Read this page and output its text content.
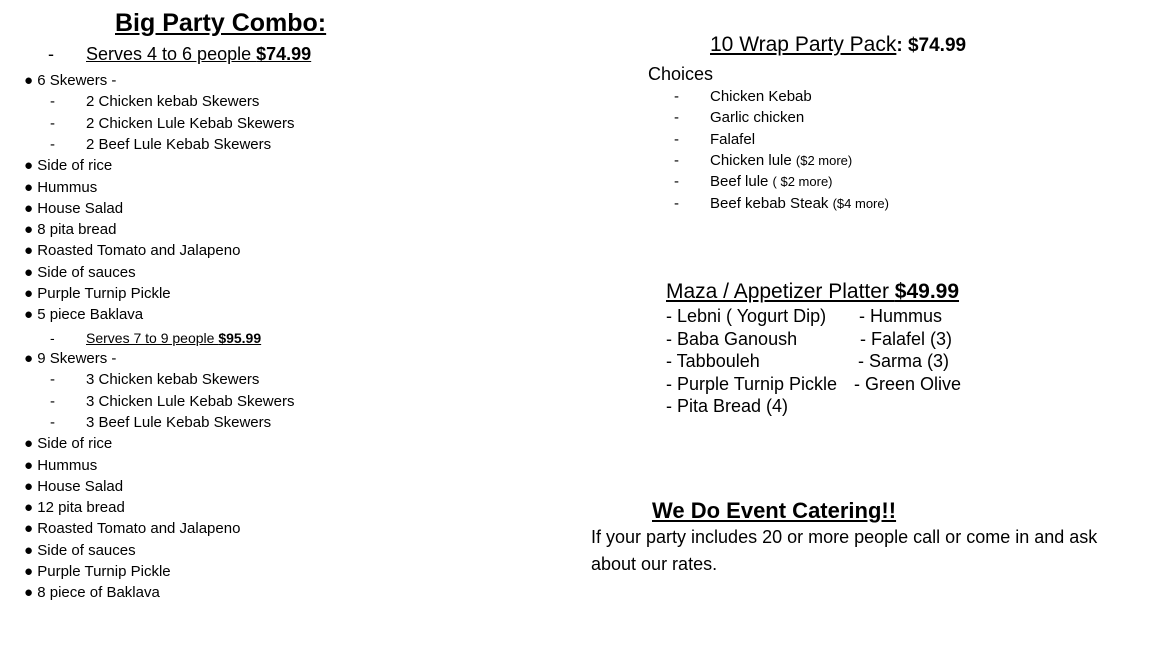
Big Party Combo:
- Serves 4 to 6 people $74.99
● 6 Skewers -
- 2 Chicken kebab Skewers
- 2 Chicken Lule Kebab Skewers
- 2 Beef Lule Kebab Skewers
● Side of rice
● Hummus
● House Salad
● 8 pita bread
● Roasted Tomato and Jalapeno
● Side of sauces
● Purple Turnip Pickle
● 5 piece Baklava
- Serves 7 to 9 people $95.99
● 9 Skewers -
- 3 Chicken kebab Skewers
- 3 Chicken Lule Kebab Skewers
- 3 Beef Lule Kebab Skewers
● Side of rice
● Hummus
● House Salad
● 12 pita bread
● Roasted Tomato and Jalapeno
● Side of sauces
● Purple Turnip Pickle
● 8 piece of Baklava
10 Wrap Party Pack: $74.99
Choices
- Chicken Kebab
- Garlic chicken
- Falafel
- Chicken lule ($2 more)
- Beef lule ( $2 more)
- Beef kebab Steak ($4 more)
Maza / Appetizer Platter $49.99
- Lebni ( Yogurt Dip) - Hummus
- Baba Ganoush	- Falafel (3)
- Tabbouleh	- Sarma (3)
- Purple Turnip Pickle - Green Olive
- Pita Bread (4)
We Do Event Catering!!
If your party includes 20 or more people call or come in and ask about our rates.
